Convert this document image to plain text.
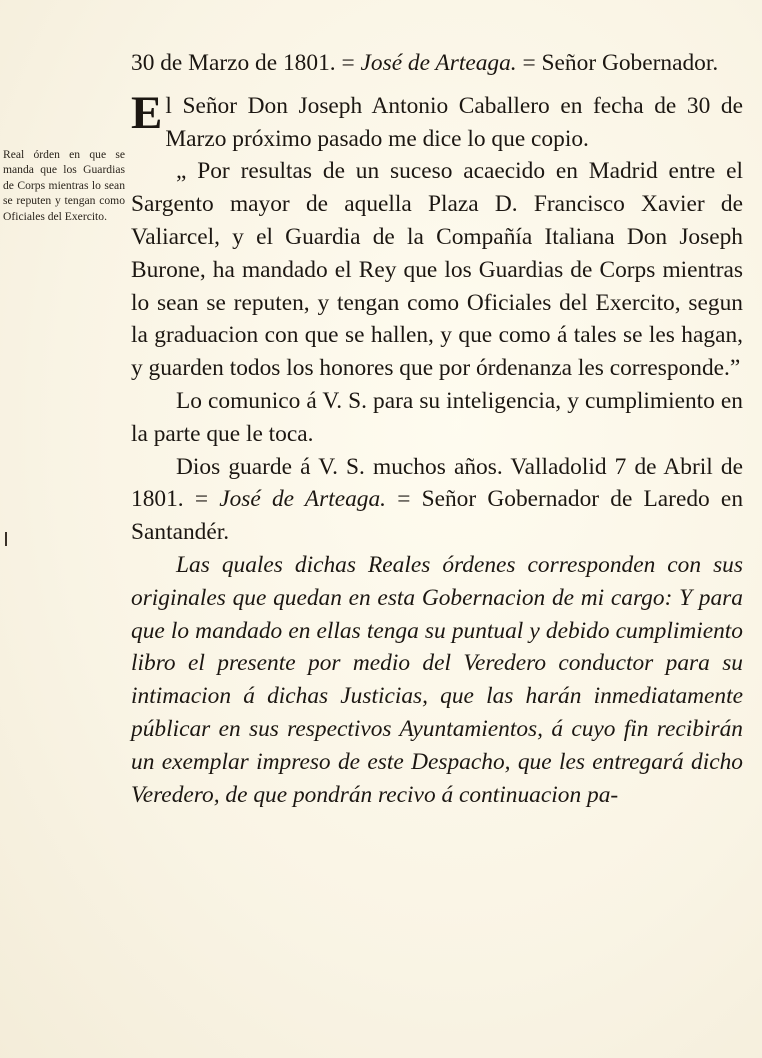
Real órden en que se manda que los Guardias de Corps mientras lo sean se reputen y tengan como Oficiales del Exercito.

30 de Marzo de 1801. = José de Arteaga. = Señor Gobernador.

El Señor Don Joseph Antonio Caballero en fecha de 30 de Marzo próximo pasado me dice lo que copio.

„ Por resultas de un suceso acaecido en Madrid entre el Sargento mayor de aquella Plaza D. Francisco Xavier de Valiarcel, y el Guardia de la Compañía Italiana Don Joseph Burone, ha mandado el Rey que los Guardias de Corps mientras lo sean se reputen, y tengan como Oficiales del Exercito, segun la graduacion con que se hallen, y que como á tales se les hagan, y guarden todos los honores que por órdenanza les corresponde.”

Lo comunico á V. S. para su inteligencia, y cumplimiento en la parte que le toca.

Dios guarde á V. S. muchos años. Valladolid 7 de Abril de 1801. = José de Arteaga. = Señor Gobernador de Laredo en Santandér.

Las quales dichas Reales órdenes corresponden con sus originales que quedan en esta Gobernacion de mi cargo: Y para que lo mandado en ellas tenga su puntual y debido cumplimiento libro el presente por medio del Veredero conductor para su intimacion á dichas Justicias, que las harán inmediatamente públicar en sus respectivos Ayuntamientos, á cuyo fin recibirán un exemplar impreso de este Despacho, que les entregará dicho Veredero, de que pondrán recivo á continuacion pa-
